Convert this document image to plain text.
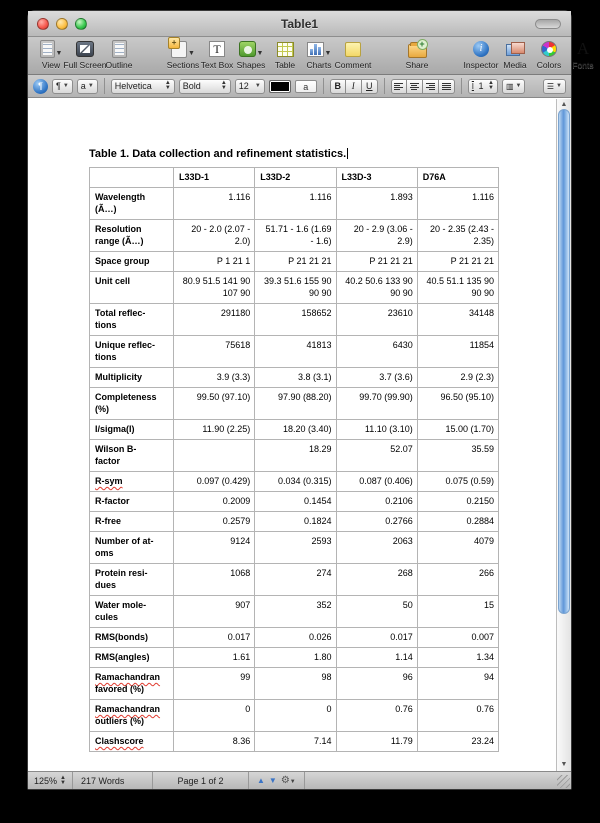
Table1
▼
View Full Screen Outline
+
▼
Sections
T
Text Box
▼
Shapes Table
▼
Charts Comment
+	Share
i
Inspector Media Colors
A
Fonts
¶	¶ ▼ a ▼ Helvetica ▲
▼ Bold	▲
▼ 12 ▼	a	B	I	U	I 1 ▲
▼ ▥ ▼	☰ ▼
Table 1. Data collection and refinement statistics.
	L33D-1	L33D-2	L33D-3	D76A

Wavelength
(Ã…)	1.116	1.116	1.893	1.116

Resolution
range (Ã…)	20 - 2.0 (2.07 - 2.0)	51.71 - 1.6 (1.69 - 1.6)	20 - 2.9 (3.06 - 2.9)	20 - 2.35 (2.43 - 2.35)

Space group	P 1 21 1	P 21 21 21	P 21 21 21	P 21 21 21

Unit cell	80.9 51.5 141 90 107 90	39.3 51.6 155 90 90 90	40.2 50.6 133 90 90 90	40.5 51.1 135 90 90 90

Total reflec-
tions	291180	158652	23610	34148

Unique reflec-
tions	75618	41813	6430	11854

Multiplicity	3.9 (3.3)	3.8 (3.1)	3.7 (3.6)	2.9 (2.3)

Completeness
(%)	99.50 (97.10)	97.90 (88.20)	99.70 (99.90)	96.50 (95.10)

I/sigma(I)	11.90 (2.25)	18.20 (3.40)	11.10 (3.10)	15.00 (1.70)

Wilson B-
factor		18.29	52.07	35.59

R-sym	0.097 (0.429)	0.034 (0.315)	0.087 (0.406)	0.075 (0.59)

R-factor	0.2009	0.1454	0.2106	0.2150

R-free	0.2579	0.1824	0.2766	0.2884

Number of at-
oms	9124	2593	2063	4079

Protein resi-
dues	1068	274	268	266

Water mole-
cules	907	352	50	15

RMS(bonds)	0.017	0.026	0.017	0.007

RMS(angles)	1.61	1.80	1.14	1.34

Ramachandran
favored (%)	99	98	96	94

Ramachandran
outliers (%)	0	0	0.76	0.76

Clashscore	8.36	7.14	11.79	23.24
▲
▼
125% ▲
▼	217 Words	Page 1 of 2	▲ ▼ ⚙▼
